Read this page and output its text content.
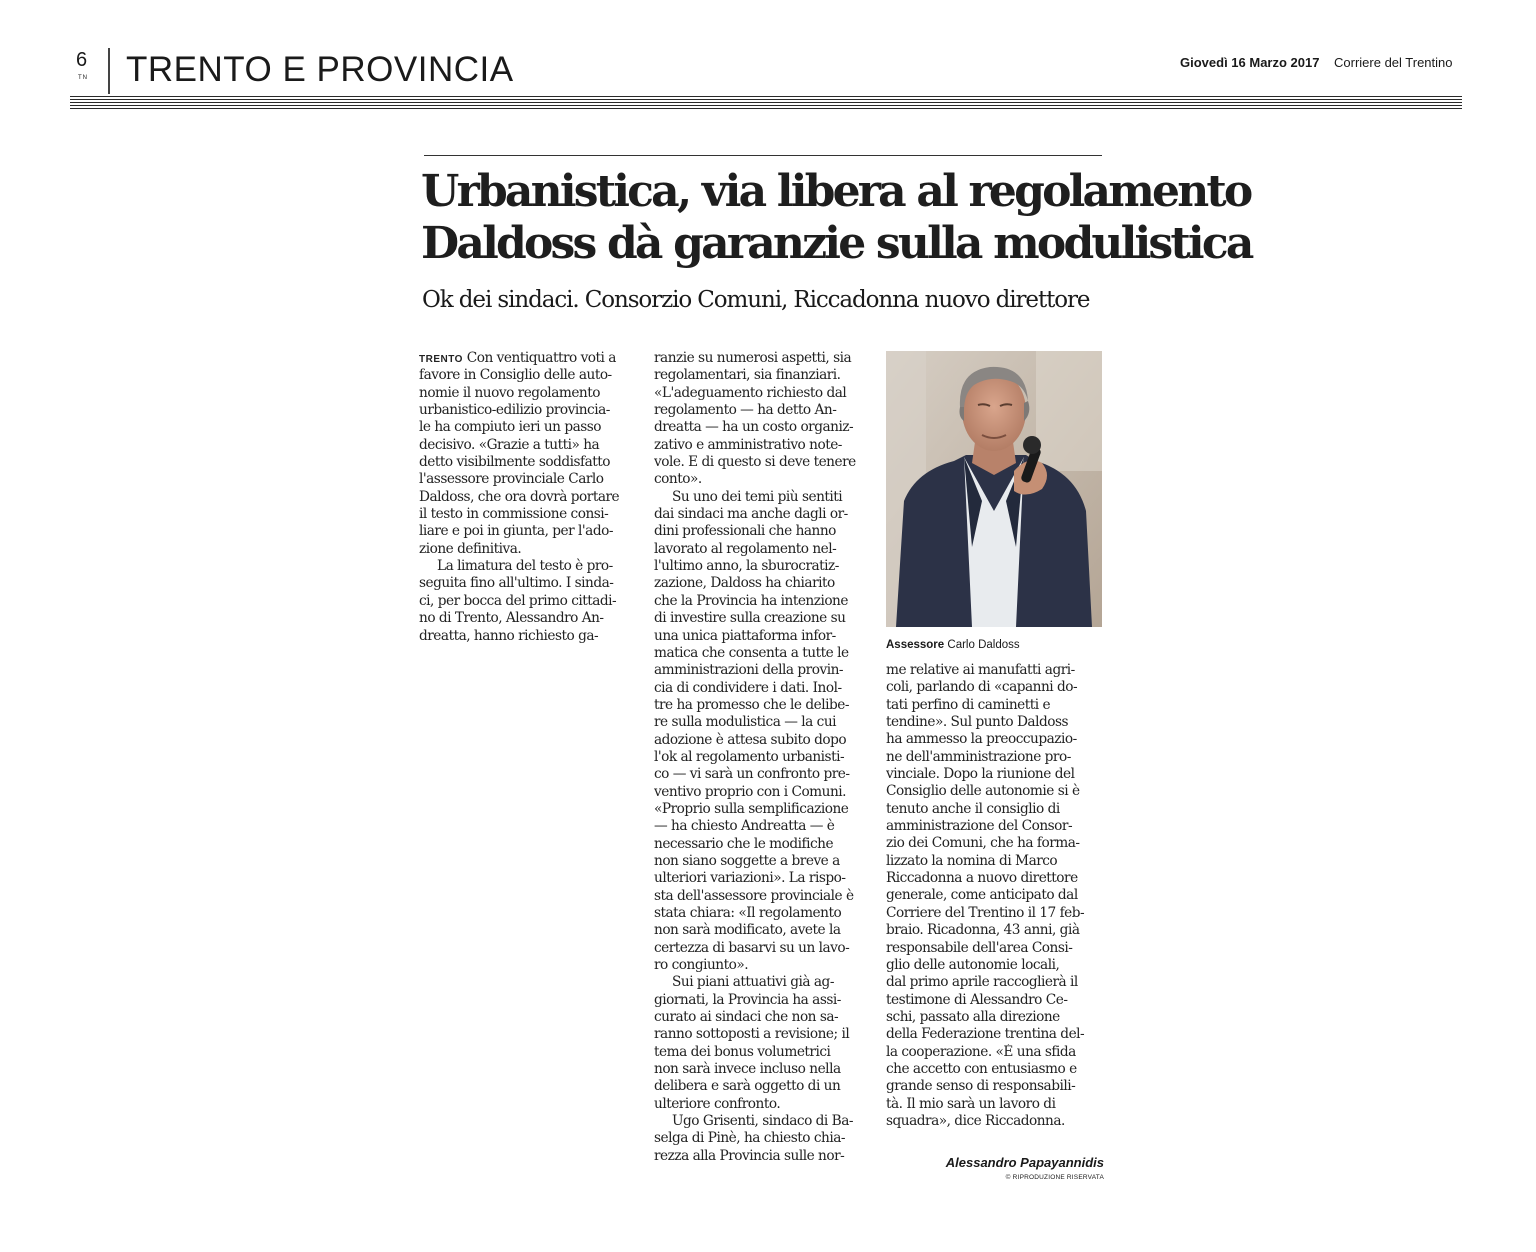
6
TN TRENTO E PROVINCIA	Giovedì 16 Marzo 2017	Corriere del Trentino
Urbanistica, via libera al regolamento
Daldoss dà garanzie sulla modulistica
Ok dei sindaci. Consorzio Comuni, Riccadonna nuovo direttore
TRENTO Con ventiquattro voti a
favore in Consiglio delle auto-
nomie il nuovo regolamento
urbanistico-edilizio provincia-
le ha compiuto ieri un passo
decisivo. «Grazie a tutti» ha
detto visibilmente soddisfatto
l'assessore provinciale Carlo
Daldoss, che ora dovrà portare
il testo in commissione consi-
liare e poi in giunta, per l'ado-
zione definitiva.
La limatura del testo è pro-
seguita fino all'ultimo. I sinda-
ci, per bocca del primo cittadi-
no di Trento, Alessandro An-
dreatta, hanno richiesto ga-
ranzie su numerosi aspetti, sia
regolamentari, sia finanziari.
«L'adeguamento richiesto dal
regolamento — ha detto An-
dreatta — ha un costo organiz-
zativo e amministrativo note-
vole. E di questo si deve tenere
conto».
Su uno dei temi più sentiti
dai sindaci ma anche dagli or-
dini professionali che hanno
lavorato al regolamento nel-
l'ultimo anno, la sburocratiz-
zazione, Daldoss ha chiarito
che la Provincia ha intenzione
di investire sulla creazione su
una unica piattaforma infor-
matica che consenta a tutte le
amministrazioni della provin-
cia di condividere i dati. Inol-
tre ha promesso che le delibe-
re sulla modulistica — la cui
adozione è attesa subito dopo
l'ok al regolamento urbanisti-
co — vi sarà un confronto pre-
ventivo proprio con i Comuni.
«Proprio sulla semplificazione
— ha chiesto Andreatta — è
necessario che le modifiche
non siano soggette a breve a
ulteriori variazioni». La rispo-
sta dell'assessore provinciale è
stata chiara: «Il regolamento
non sarà modificato, avete la
certezza di basarvi su un lavo-
ro congiunto».
Sui piani attuativi già ag-
giornati, la Provincia ha assi-
curato ai sindaci che non sa-
ranno sottoposti a revisione; il
tema dei bonus volumetrici
non sarà invece incluso nella
delibera e sarà oggetto di un
ulteriore confronto.
Ugo Grisenti, sindaco di Ba-
selga di Pinè, ha chiesto chia-
rezza alla Provincia sulle nor-
Assessore Carlo Daldoss
me relative ai manufatti agri-
coli, parlando di «capanni do-
tati perfino di caminetti e
tendine». Sul punto Daldoss
ha ammesso la preoccupazio-
ne dell'amministrazione pro-
vinciale. Dopo la riunione del
Consiglio delle autonomie si è
tenuto anche il consiglio di
amministrazione del Consor-
zio dei Comuni, che ha forma-
lizzato la nomina di Marco
Riccadonna a nuovo direttore
generale, come anticipato dal
Corriere del Trentino il 17 feb-
braio. Ricadonna, 43 anni, già
responsabile dell'area Consi-
glio delle autonomie locali,
dal primo aprile raccoglierà il
testimone di Alessandro Ce-
schi, passato alla direzione
della Federazione trentina del-
la cooperazione. «È una sfida
che accetto con entusiasmo e
grande senso di responsabili-
tà. Il mio sarà un lavoro di
squadra», dice Riccadonna.
Alessandro Papayannidis
© RIPRODUZIONE RISERVATA
